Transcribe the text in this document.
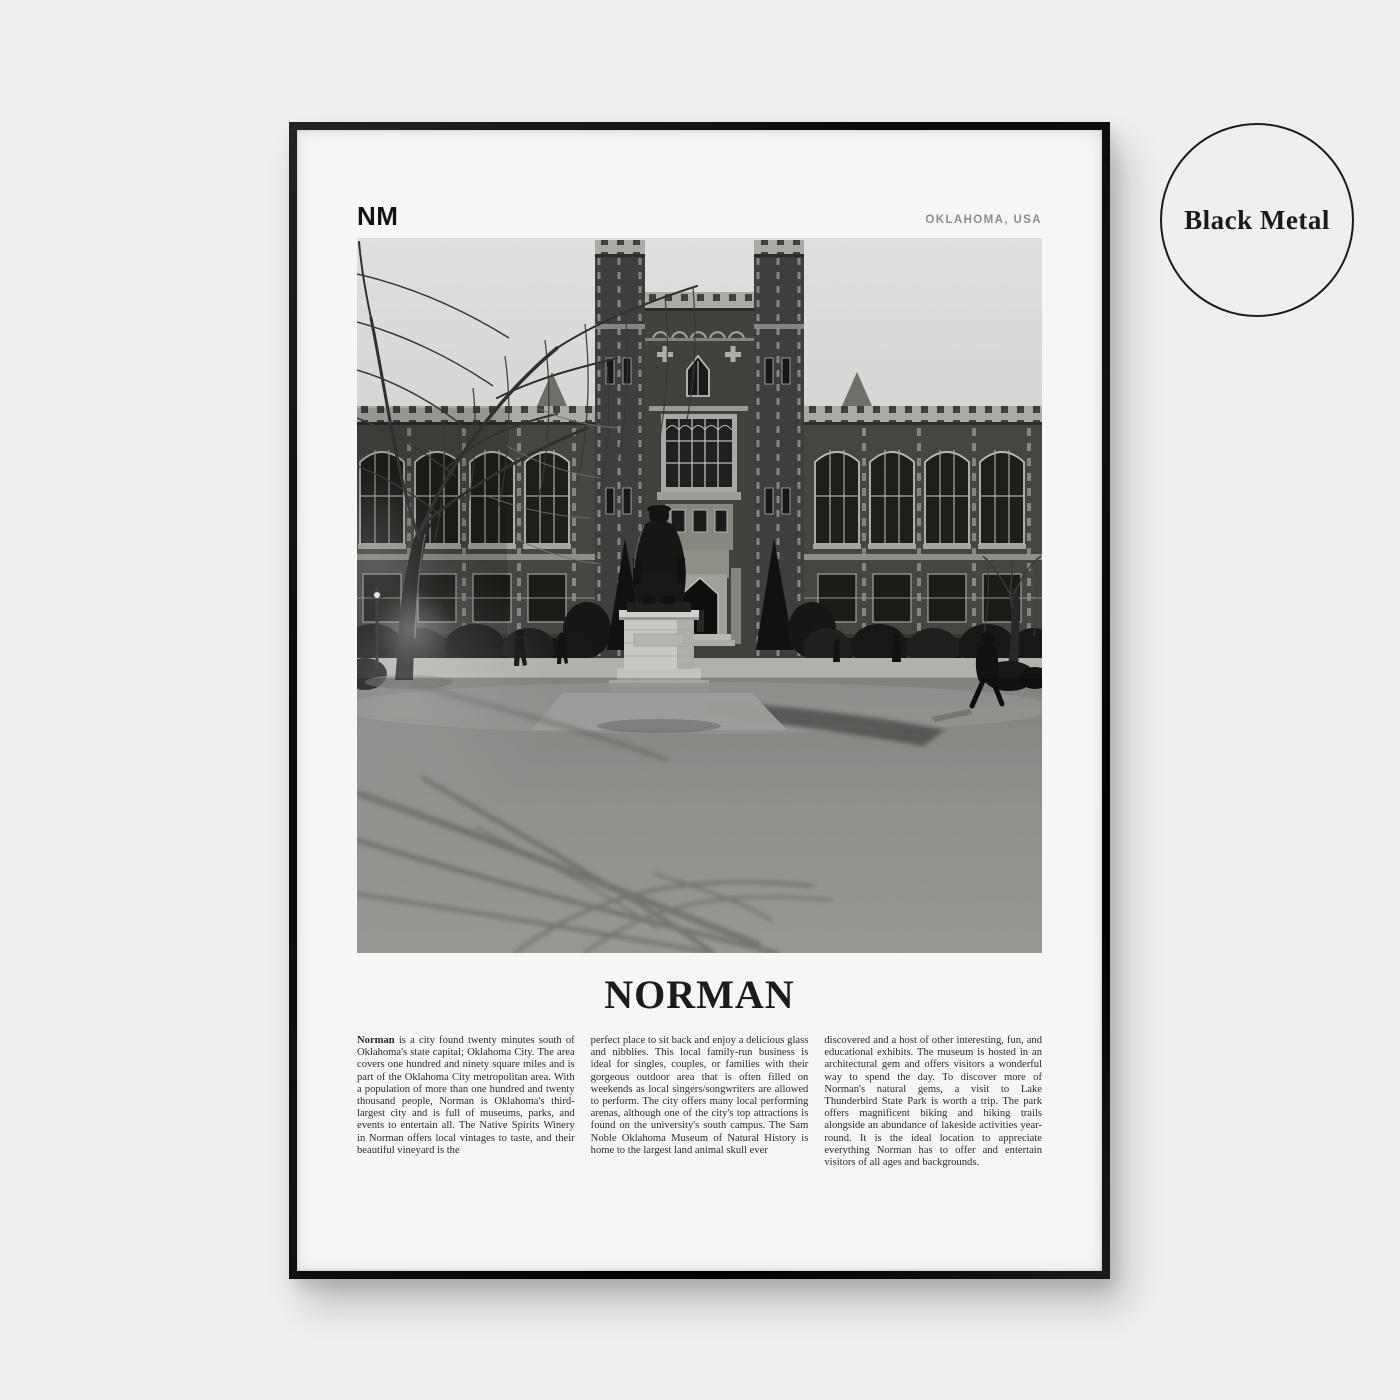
Black Metal
NM	OKLAHOMA, USA
NORMAN

Norman is a city found twenty minutes south of Oklahoma's state capital; Oklahoma City. The area covers one hundred and ninety square miles and is part of the Oklahoma City metropolitan area. With a population of more than one hundred and twenty thousand people, Norman is Oklahoma's third-largest city and is full of museums, parks, and events to entertain all. The Native Spirits Winery in Norman offers local vintages to taste, and their beautiful vineyard is the

perfect place to sit back and enjoy a delicious glass and nibblies. This local family-run business is ideal for singles, couples, or families with their gorgeous outdoor area that is often filled on weekends as local singers/songwriters are allowed to perform. The city offers many local performing arenas, although one of the city's top attractions is found on the university's south campus. The Sam Noble Oklahoma Museum of Natural History is home to the largest land animal skull ever

discovered and a host of other interesting, fun, and educational exhibits. The museum is hosted in an architectural gem and offers visitors a wonderful way to spend the day. To discover more of Norman's natural gems, a visit to Lake Thunderbird State Park is worth a trip. The park offers magnificent biking and hiking trails alongside an abundance of lakeside activities year-round. It is the ideal location to appreciate everything Norman has to offer and entertain visitors of all ages and backgrounds.
